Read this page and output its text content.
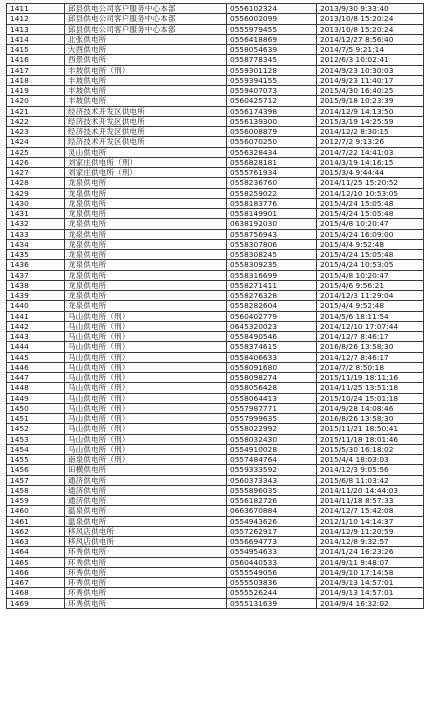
1411	邱县供电公司客户服务中心本部	0556102324	2013/9/30 9:33:40
1412	邱县供电公司客户服务中心本部	0556002099	2013/10/8 15:20:24
1413	邱县供电公司客户服务中心本部	0555979455	2013/10/8 15:20:24
1414	北张供电所	0556418869	2014/12/27 8:56:40
1415	大酉供电所	0558054639	2014/7/5 9:21:14
1416	西景供电所	0558778345	2012/6/3 10:02:41
1417	丰坡供电所（刑）	0559301128	2014/9/23 10:30:03
1418	丰坡供电所	0559394155	2014/9/23 11:40:17
1419	丰坡供电所	0559407073	2015/4/30 16:40:25
1420	丰坡供电所	0560425712	2015/9/18 10:23:39
1421	经济技术开发区供电所	0556174398	2014/12/9 14:13:50
1422	经济技术开发区供电所	0556139300	2015/3/19 14:25:59
1423	经济技术开发区供电所	0556008879	2014/12/2 8:30:15
1424	经济技术开发区供电所	0556070250	2012/7/2 9:13:26
1425	灵山供电所	0556328434	2014/7/22 14:41:03
1426	刘家庄供电所（刑）	0556828181	2014/3/19 14:16:15
1427	刘家庄供电所（刑）	0555761934	2015/3/4 9:44:44
1428	龙泉供电所	0558236760	2014/11/25 15:20:52
1429	龙泉供电所	0558259022	2014/12/10 10:53:05
1430	龙泉供电所	0558183776	2015/4/24 15:05:48
1431	龙泉供电所	0558149901	2015/4/24 15:05:48
1432	龙泉供电所	0638192030	2015/4/8 10:20:47
1433	龙泉供电所	0558756943	2015/4/24 16:09:00
1434	龙泉供电所	0558307806	2015/4/4 9:52:48
1435	龙泉供电所	0558308245	2015/4/24 15:05:48
1436	龙泉供电所	0558309235	2015/4/24 10:53:05
1437	龙泉供电所	0558316699	2015/4/8 10:20:47
1438	龙泉供电所	0558271411	2015/4/6 9:56:21
1439	龙泉供电所	0558276328	2014/12/3 11:29:04
1440	龙泉供电所	0558282604	2015/4/4 9:52:48
1441	马山供电所（刑）	0560402779	2014/5/6 18:11:54
1442	马山供电所（刑）	0645320023	2014/12/10 17:07:44
1443	马山供电所（刑）	0558490546	2014/12/7 8:46:17
1444	马山供电所（刑）	0558374615	2016/8/26 13:58:30
1445	马山供电所（刑）	0558406633	2014/12/7 8:46:17
1446	马山供电所（刑）	0558091680	2014/7/2 8:50:18
1447	马山供电所（刑）	0558098274	2015/11/19 18:11:16
1448	马山供电所（刑）	0558056428	2014/11/25 13:51:18
1449	马山供电所（刑）	0558064413	2015/10/24 15:01:18
1450	马山供电所（刑）	0557987771	2014/9/28 14:08:46
1451	马山供电所（刑）	0557999635	2016/8/26 13:58:30
1452	马山供电所（刑）	0558022992	2015/11/21 18:50:41
1453	马山供电所（刑）	0558032430	2015/11/18 18:01:46
1454	马山供电所（刑）	0554910028	2015/5/30 16:18:02
1455	南泉供电所（刑）	0557484764	2015/4/4 18:03:03
1456	田横供电所	0559333592	2014/12/3 9:05:56
1457	通济供电所	0560373343	2015/6/8 11:03:42
1458	通济供电所	0555896035	2014/11/20 14:44:03
1459	通济供电所	0556182726	2014/11/18 8:57:33
1460	温泉供电所	0663670884	2014/12/7 15:42:08
1461	温泉供电所	0554943626	2012/1/10 14:14:37
1462	移风店供电所	0557262917	2014/12/9 11:20:59
1463	移风店供电所	0556694773	2014/12/8 9:32:57
1464	环秀供电所	0554954633	2014/1/24 16:23:26
1465	环秀供电所	0560440533	2014/9/11 9:48:07
1466	环秀供电所	0555549056	2014/9/10 17:14:58
1467	环秀供电所	0555503836	2014/9/13 14:57:01
1468	环秀供电所	0555526244	2014/9/13 14:57:01
1469	环秀供电所	0555131639	2014/9/4 16:32:02
